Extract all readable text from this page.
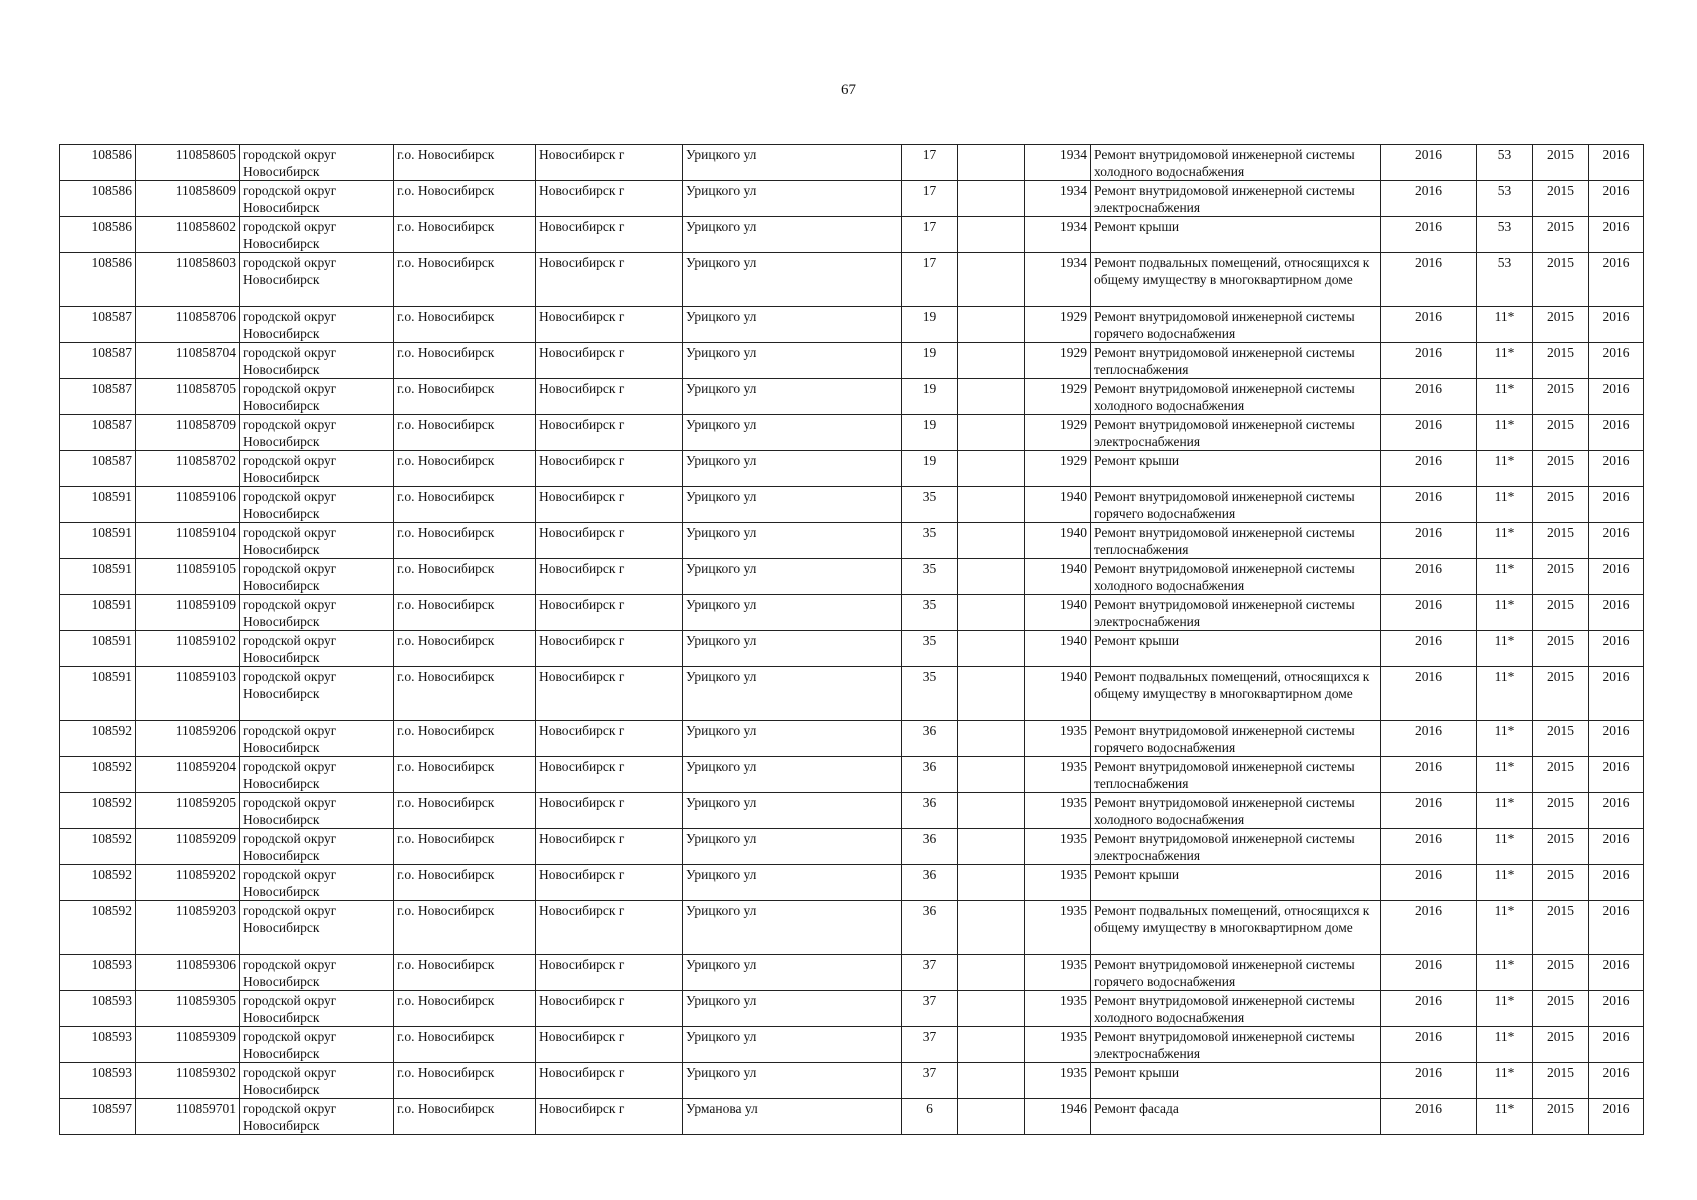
67
108586	110858605	городской округ Новосибирск	г.о. Новосибирск	Новосибирск г	Урицкого ул	17		1934	Ремонт внутридомовой инженерной системы холодного водоснабжения	2016	53	2015	2016
108586	110858609	городской округ Новосибирск	г.о. Новосибирск	Новосибирск г	Урицкого ул	17		1934	Ремонт внутридомовой инженерной системы электроснабжения	2016	53	2015	2016
108586	110858602	городской округ Новосибирск	г.о. Новосибирск	Новосибирск г	Урицкого ул	17		1934	Ремонт крыши	2016	53	2015	2016
108586	110858603	городской округ Новосибирск	г.о. Новосибирск	Новосибирск г	Урицкого ул	17		1934	Ремонт подвальных помещений, относящихся к общему имуществу в многоквартирном доме	2016	53	2015	2016
108587	110858706	городской округ Новосибирск	г.о. Новосибирск	Новосибирск г	Урицкого ул	19		1929	Ремонт внутридомовой инженерной системы горячего водоснабжения	2016	11*	2015	2016
108587	110858704	городской округ Новосибирск	г.о. Новосибирск	Новосибирск г	Урицкого ул	19		1929	Ремонт внутридомовой инженерной системы теплоснабжения	2016	11*	2015	2016
108587	110858705	городской округ Новосибирск	г.о. Новосибирск	Новосибирск г	Урицкого ул	19		1929	Ремонт внутридомовой инженерной системы холодного водоснабжения	2016	11*	2015	2016
108587	110858709	городской округ Новосибирск	г.о. Новосибирск	Новосибирск г	Урицкого ул	19		1929	Ремонт внутридомовой инженерной системы электроснабжения	2016	11*	2015	2016
108587	110858702	городской округ Новосибирск	г.о. Новосибирск	Новосибирск г	Урицкого ул	19		1929	Ремонт крыши	2016	11*	2015	2016
108591	110859106	городской округ Новосибирск	г.о. Новосибирск	Новосибирск г	Урицкого ул	35		1940	Ремонт внутридомовой инженерной системы горячего водоснабжения	2016	11*	2015	2016
108591	110859104	городской округ Новосибирск	г.о. Новосибирск	Новосибирск г	Урицкого ул	35		1940	Ремонт внутридомовой инженерной системы теплоснабжения	2016	11*	2015	2016
108591	110859105	городской округ Новосибирск	г.о. Новосибирск	Новосибирск г	Урицкого ул	35		1940	Ремонт внутридомовой инженерной системы холодного водоснабжения	2016	11*	2015	2016
108591	110859109	городской округ Новосибирск	г.о. Новосибирск	Новосибирск г	Урицкого ул	35		1940	Ремонт внутридомовой инженерной системы электроснабжения	2016	11*	2015	2016
108591	110859102	городской округ Новосибирск	г.о. Новосибирск	Новосибирск г	Урицкого ул	35		1940	Ремонт крыши	2016	11*	2015	2016
108591	110859103	городской округ Новосибирск	г.о. Новосибирск	Новосибирск г	Урицкого ул	35		1940	Ремонт подвальных помещений, относящихся к общему имуществу в многоквартирном доме	2016	11*	2015	2016
108592	110859206	городской округ Новосибирск	г.о. Новосибирск	Новосибирск г	Урицкого ул	36		1935	Ремонт внутридомовой инженерной системы горячего водоснабжения	2016	11*	2015	2016
108592	110859204	городской округ Новосибирск	г.о. Новосибирск	Новосибирск г	Урицкого ул	36		1935	Ремонт внутридомовой инженерной системы теплоснабжения	2016	11*	2015	2016
108592	110859205	городской округ Новосибирск	г.о. Новосибирск	Новосибирск г	Урицкого ул	36		1935	Ремонт внутридомовой инженерной системы холодного водоснабжения	2016	11*	2015	2016
108592	110859209	городской округ Новосибирск	г.о. Новосибирск	Новосибирск г	Урицкого ул	36		1935	Ремонт внутридомовой инженерной системы электроснабжения	2016	11*	2015	2016
108592	110859202	городской округ Новосибирск	г.о. Новосибирск	Новосибирск г	Урицкого ул	36		1935	Ремонт крыши	2016	11*	2015	2016
108592	110859203	городской округ Новосибирск	г.о. Новосибирск	Новосибирск г	Урицкого ул	36		1935	Ремонт подвальных помещений, относящихся к общему имуществу в многоквартирном доме	2016	11*	2015	2016
108593	110859306	городской округ Новосибирск	г.о. Новосибирск	Новосибирск г	Урицкого ул	37		1935	Ремонт внутридомовой инженерной системы горячего водоснабжения	2016	11*	2015	2016
108593	110859305	городской округ Новосибирск	г.о. Новосибирск	Новосибирск г	Урицкого ул	37		1935	Ремонт внутридомовой инженерной системы холодного водоснабжения	2016	11*	2015	2016
108593	110859309	городской округ Новосибирск	г.о. Новосибирск	Новосибирск г	Урицкого ул	37		1935	Ремонт внутридомовой инженерной системы электроснабжения	2016	11*	2015	2016
108593	110859302	городской округ Новосибирск	г.о. Новосибирск	Новосибирск г	Урицкого ул	37		1935	Ремонт крыши	2016	11*	2015	2016
108597	110859701	городской округ Новосибирск	г.о. Новосибирск	Новосибирск г	Урманова ул	6		1946	Ремонт фасада	2016	11*	2015	2016
